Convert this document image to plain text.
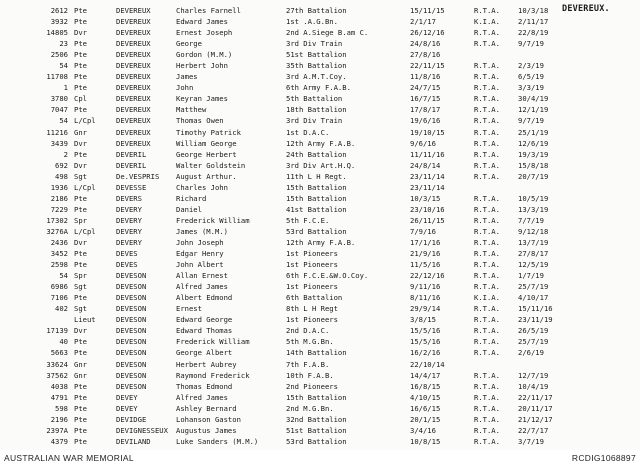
DEVEREUX.
2612 Pte	DEVEREUX	Charles Farnell	27th Battalion	15/11/15	R.T.A.	10/3/18
3932 Pte	DEVEREUX	Edward James	1st .A.G.Bn.	2/1/17	K.I.A.	2/11/17
14805 Dvr	DEVEREUX	Ernest Joseph	2nd A.Siege B.am C.	26/12/16	R.T.A.	22/8/19
23 Pte	DEVEREUX	George	3rd Div Train	24/8/16	R.T.A.	9/7/19
2506 Pte	DEVEREUX	Gordon (M.M.)	51st Battalion	27/8/16
54 Pte	DEVEREUX	Herbert John	35th Battalion	22/11/15	R.T.A.	2/3/19
11708 Pte	DEVEREUX	James	3rd A.M.T.Coy.	11/8/16	R.T.A.	6/5/19
1 Pte	DEVEREUX	John	6th Army F.A.B.	24/7/15	R.T.A.	3/3/19
3780 Cpl	DEVEREUX	Keyran James	5th Battalion	16/7/15	R.T.A.	30/4/19
7047 Pte	DEVEREUX	Matthew	18th Battalion	17/8/17	R.T.A.	12/1/19
54 L/Cpl	DEVEREUX	Thomas Owen	3rd Div Train	19/6/16	R.T.A.	9/7/19
11216 Gnr	DEVEREUX	Timothy Patrick	1st D.A.C.	19/10/15	R.T.A.	25/1/19
3439 Dvr	DEVEREUX	William George	12th Army F.A.B.	9/6/16	R.T.A.	12/6/19
2 Pte	DEVERIL	George Herbert	24th Battalion	11/11/16	R.T.A.	19/3/19
692 Dvr	DEVERIL	Walter Goldstein	3rd Div Art.H.Q.	24/8/14	R.T.A.	15/8/18
498 Sgt	De.VESPRIS	August Arthur.	11th L H Regt.	23/11/14	R.T.A.	20/7/19
1936 L/Cpl	DEVESSE	Charles John	15th Battalion	23/11/14
2186 Pte	DEVERS	Richard	15th Battalion	10/3/15	R.T.A.	10/5/19
7229 Pte	DEVERY	Daniel	41st Battalion	23/10/16	R.T.A.	13/3/19
17302 Spr	DEVERY	Frederick William	5th F.C.E.	26/11/15	R.T.A.	7/7/19
3276A L/Cpl	DEVERY	James (M.M.)	53rd Battalion	7/9/16	R.T.A.	9/12/18
2436 Dvr	DEVERY	John Joseph	12th Army F.A.B.	17/1/16	R.T.A.	13/7/19
3452 Pte	DEVES	Edgar Henry	1st Pioneers	21/9/16	R.T.A.	27/8/17
2598 Pte	DEVES	John Albert	1st Pioneers	11/5/16	R.T.A.	12/5/19
54 Spr	DEVESON	Allan Ernest	6th F.C.E.&W.O.Coy.	22/12/16	R.T.A.	1/7/19
6986 Sgt	DEVESON	Alfred James	1st Pioneers	9/11/16	R.T.A.	25/7/19
7106 Pte	DEVESON	Albert Edmond	6th Battalion	8/11/16	K.I.A.	4/10/17
402 Sgt	DEVESON	Ernest	8th L H Regt	29/9/14	R.T.A.	15/11/16
Lieut	DEVESON	Edward George	1st Pioneers	3/8/15	R.T.A.	23/11/19
17139 Dvr	DEVESON	Edward Thomas	2nd D.A.C.	15/5/16	R.T.A.	26/5/19
40 Pte	DEVESON	Frederick William	5th M.G.Bn.	15/5/16	R.T.A.	25/7/19
5663 Pte	DEVESON	George Albert	14th Battalion	16/2/16	R.T.A.	2/6/19
33624 Gnr	DEVESON	Herbert Aubrey	7th F.A.B.	22/10/14
37562 Gnr	DEVESON	Raymond Frederick	10th F.A.B.	14/4/17	R.T.A.	12/7/19
4038 Pte	DEVESON	Thomas Edmond	2nd Pioneers	16/8/15	R.T.A.	10/4/19
4791 Pte	DEVEY	Alfred James	15th Battalion	4/10/15	R.T.A.	22/11/17
598 Pte	DEVEY	Ashley Bernard	2nd M.G.Bn.	16/6/15	R.T.A.	20/11/17
2196 Pte	DEVIDGE	Lohanson Gaston	32nd Battalion	20/1/15	R.T.A.	21/12/17
2397A Pte	DEVIGNESSEUX	Augustus James	51st Battalion	3/4/16	R.T.A.	22/7/17
4379 Pte	DEVILAND	Luke Sanders (M.M.)	53rd Battalion	10/8/15	R.T.A.	3/7/19
AUSTRALIAN WAR MEMORIAL	RCDIG1068897
